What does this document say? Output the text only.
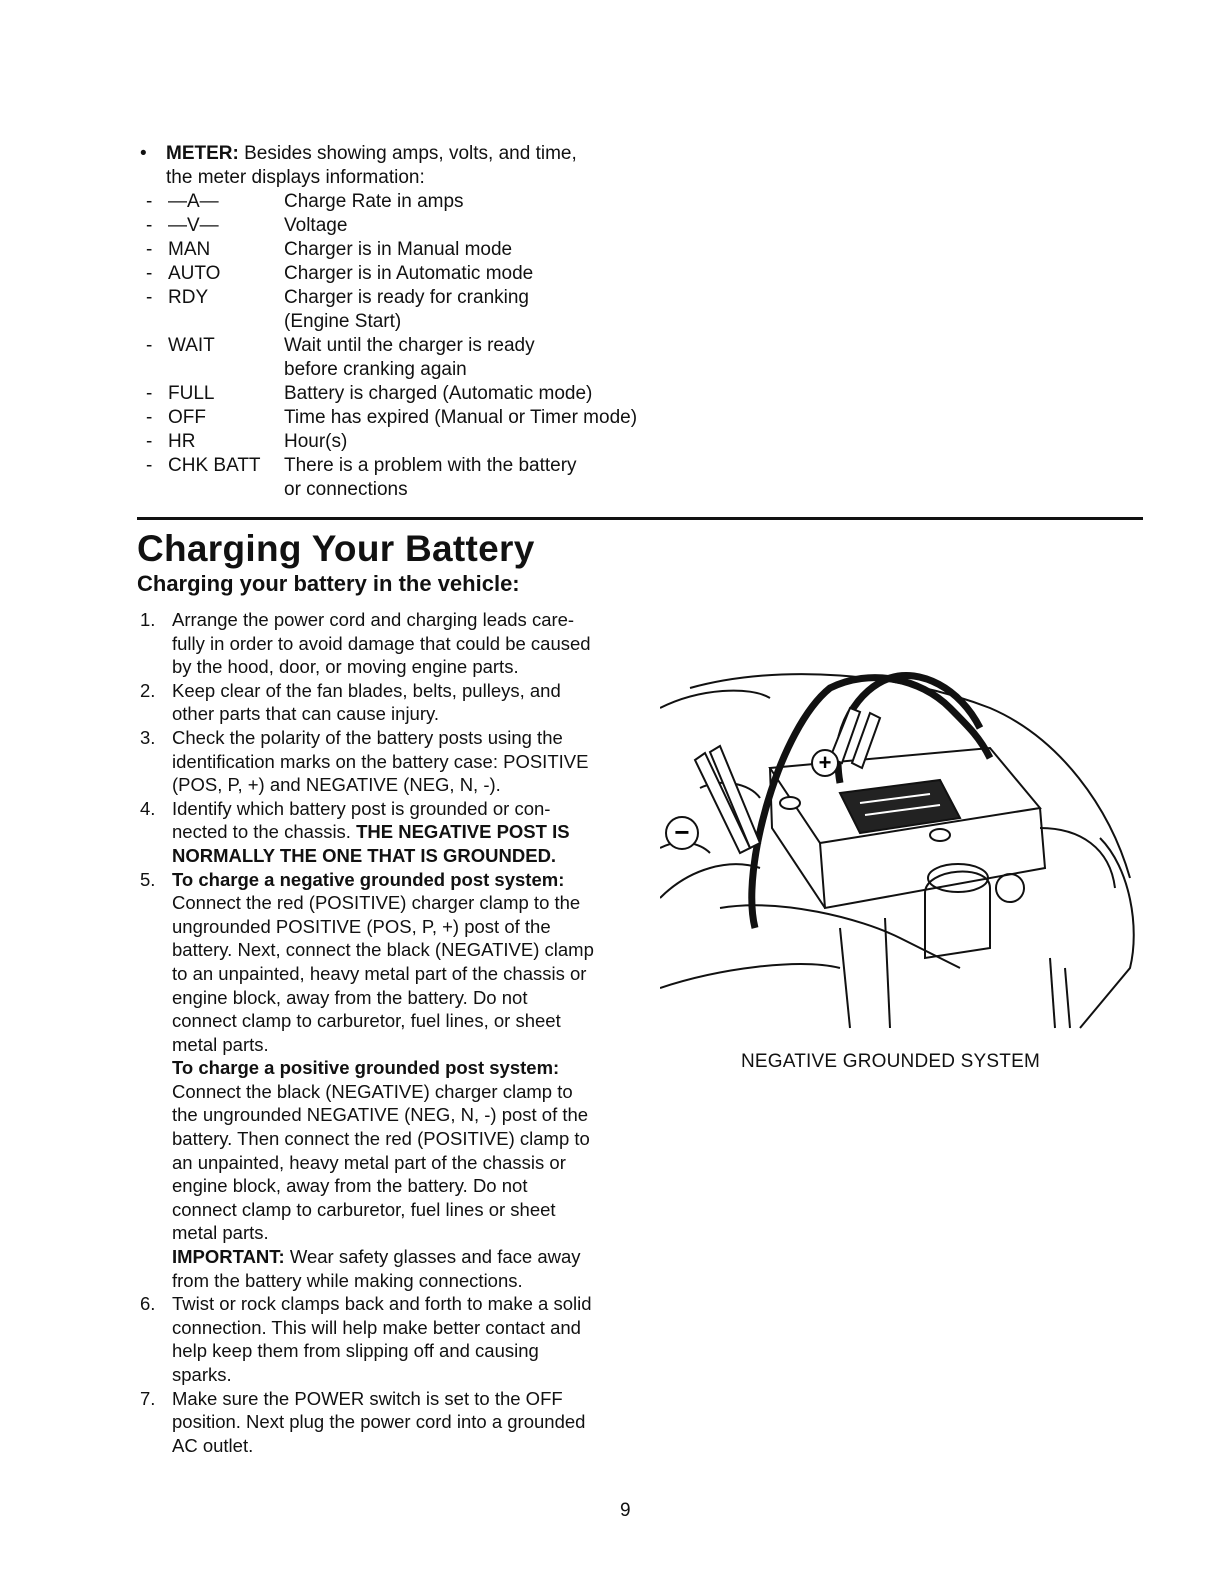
• METER: Besides showing amps, volts, and time,

the meter displays information:

- —A—	Charge Rate in amps
- —V—	Voltage
- MAN	Charger is in Manual mode
- AUTO	Charger is in Automatic mode
- RDY	Charger is ready for cranking
(Engine Start)
- WAIT	Wait until the charger is ready
before cranking again
- FULL	Battery is charged (Automatic mode)
- OFF	Time has expired (Manual or Timer mode)
- HR	Hour(s)
- CHK BATT	There is a problem with the battery
or connections
Charging Your Battery
Charging your battery in the vehicle:
1. Arrange the power cord and charging leads care-
fully in order to avoid damage that could be caused
by the hood, door, or moving engine parts.

2. Keep clear of the fan blades, belts, pulleys, and
other parts that can cause injury.

3. Check the polarity of the battery posts using the
identification marks on the battery case: POSITIVE
(POS, P, +) and NEGATIVE (NEG, N, -).

4. Identify which battery post is grounded or con-
nected to the chassis. THE NEGATIVE POST IS
NORMALLY THE ONE THAT IS GROUNDED.

5. To charge a negative grounded post system:

Connect the red (POSITIVE) charger clamp to the
ungrounded POSITIVE (POS, P, +) post of the
battery. Next, connect the black (NEGATIVE) clamp
to an unpainted, heavy metal part of the chassis or
engine block, away from the battery. Do not
connect clamp to carburetor, fuel lines, or sheet
metal parts.

To charge a positive grounded post system:

Connect the black (NEGATIVE) charger clamp to
the ungrounded NEGATIVE (NEG, N, -) post of the
battery. Then connect the red (POSITIVE) clamp to
an unpainted, heavy metal part of the chassis or
engine block, away from the battery. Do not
connect clamp to carburetor, fuel lines or sheet
metal parts.

IMPORTANT: Wear safety glasses and face away
from the battery while making connections.

6. Twist or rock clamps back and forth to make a solid
connection. This will help make better contact and
help keep them from slipping off and causing
sparks.

7. Make sure the POWER switch is set to the OFF
position. Next plug the power cord into a grounded
AC outlet.

+
−

NEGATIVE GROUNDED SYSTEM

9
